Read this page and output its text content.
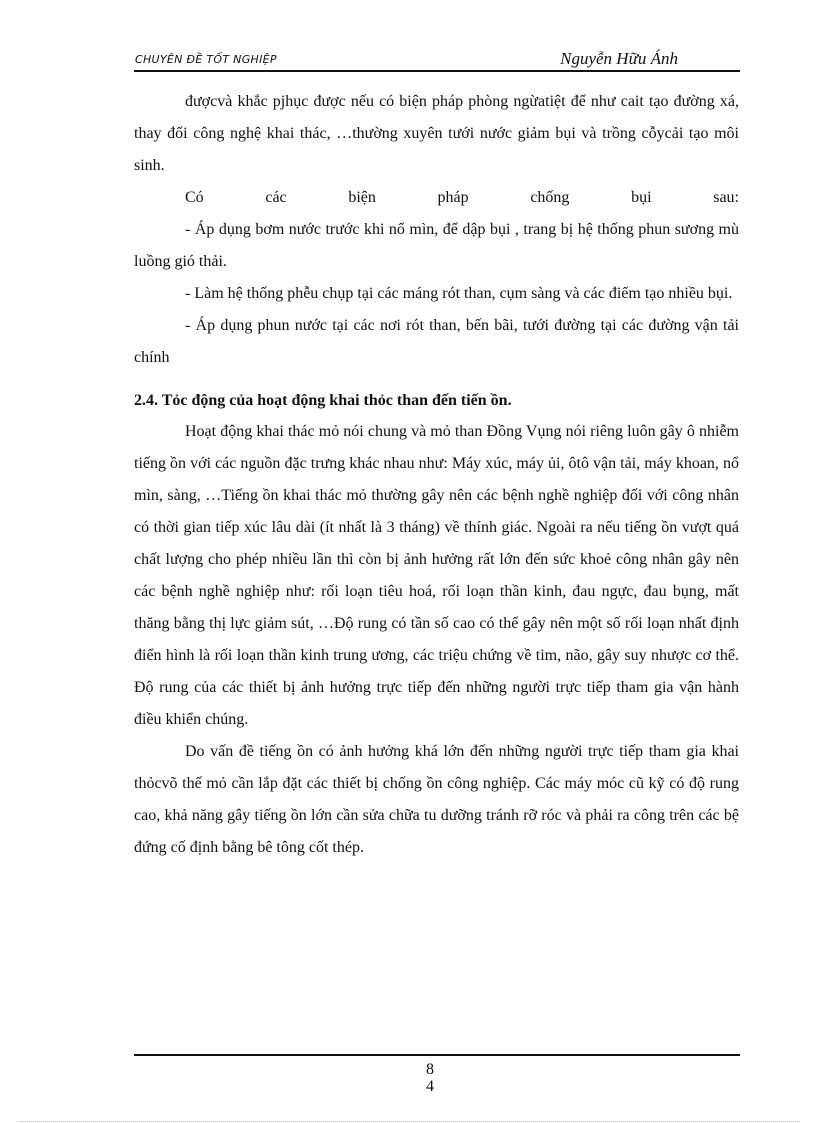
CHUYÊN ĐỀ TỐT NGHIỆP	Nguyễn Hữu Ánh

đượcvà khắc pjhục được nếu có biện pháp phòng ngừatiệt để như cait tạo đường xá, thay đổi công nghệ khai thác, …thường xuyên tưới nước giảm bụi và trồng cỗycải tạo môi sinh.

Có các biện pháp chống bụi sau:

- Áp dụng bơm nước trước khi nổ mìn, để dập bụi , trang bị hệ thống phun sương mù luồng gió thải.

- Làm hệ thống phễu chụp tại các máng rót than, cụm sàng và các điểm tạo nhiều bụi.

- Áp dụng phun nước tại các nơi rót than, bến bãi, tưới đường tại các đường vận tải chính

2.4. Tỏc động của hoạt động khai thỏc than đến tiến ồn.

Hoạt động khai thác mỏ nói chung và mỏ than Đồng Vụng nói riêng luôn gây ô nhiễm tiếng ồn với các nguồn đặc trưng khác nhau như: Máy xúc, máy ủi, ôtô vận tải, máy khoan, nổ mìn, sàng, …Tiếng ồn khai thác mỏ thường gây nên các bệnh nghề nghiệp đối với công nhân có thời gian tiếp xúc lâu dài (ít nhất là 3 tháng) về thính giác. Ngoài ra nếu tiếng ồn vượt quá chất lượng cho phép nhiều lần thì còn bị ảnh hưởng rất lớn đến sức khoẻ công nhân gây nên các bệnh nghề nghiệp như: rối loạn tiêu hoá, rối loạn thần kinh, đau ngực, đau bụng, mất thăng bằng thị lực giảm sút, …Độ rung có tần số cao có thể gây nên một số rối loạn nhất định điển hình là rối loạn thần kinh trung ương, các triệu chứng về tim, não, gây suy nhược cơ thể. Độ rung của các thiết bị ảnh hưởng trực tiếp đến những người trực tiếp tham gia vận hành điều khiển chúng.

Do vấn đề tiếng ồn có ảnh hưởng khá lớn đến những người trực tiếp tham gia khai thỏcvõ thế mỏ cần lắp đặt các thiết bị chống ồn công nghiệp. Các máy móc cũ kỹ có độ rung cao, khả năng gây tiếng ồn lớn cần sửa chữa tu dưỡng tránh rỡ róc và phải ra công trên các bệ đứng cố định bằng bê tông cốt thép.

8
4
